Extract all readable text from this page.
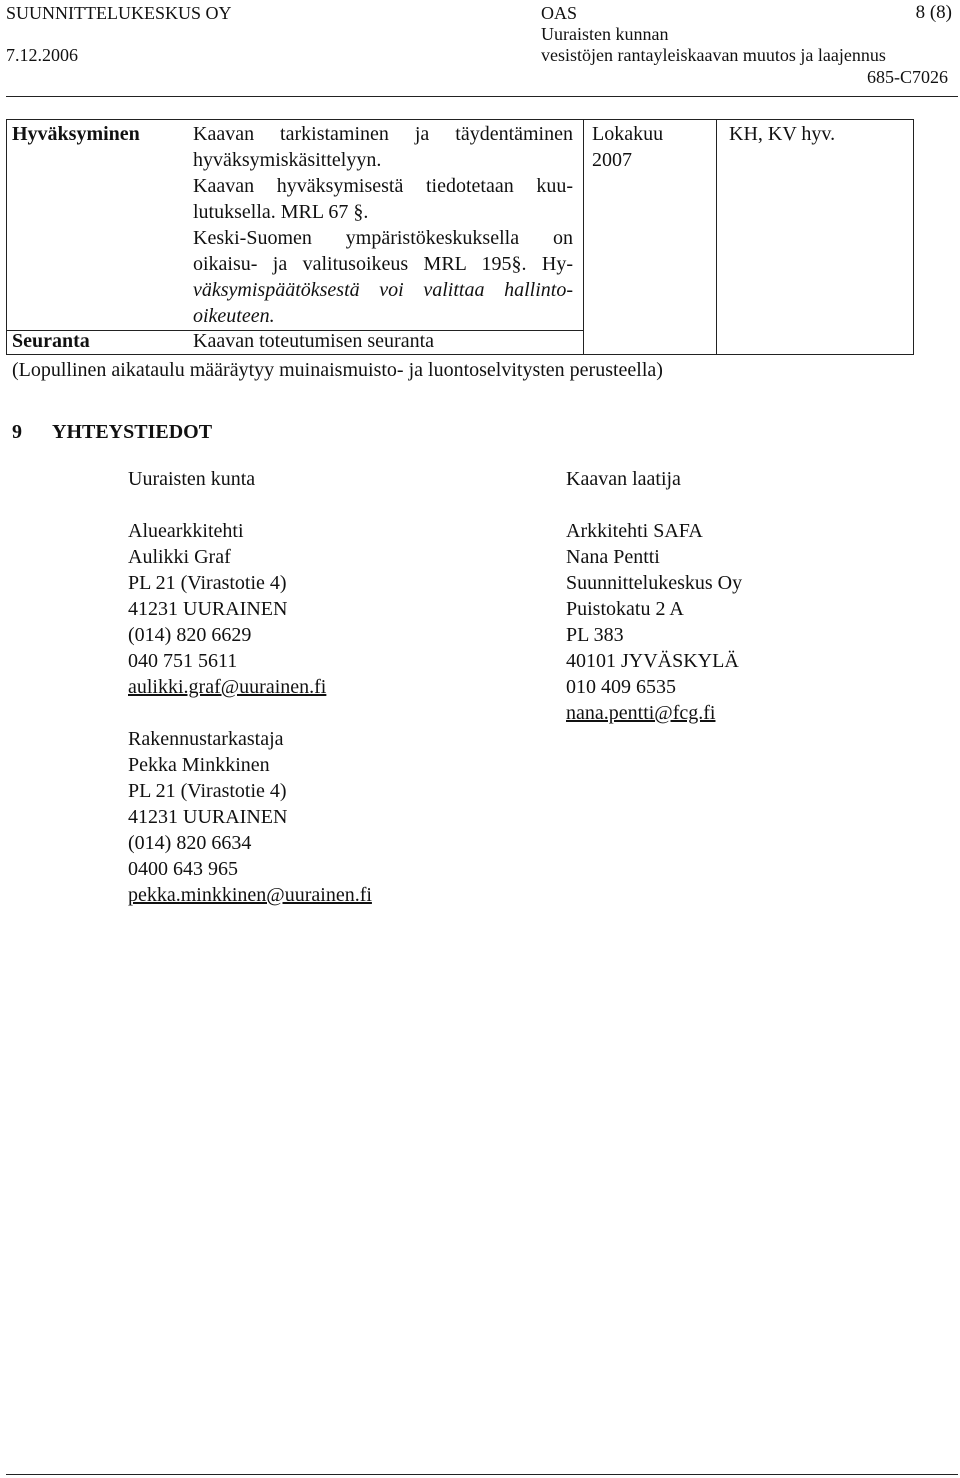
SUUNNITTELUKESKUS OY
7.12.2006
OAS
Uuraisten kunnan
vesistöjen rantayleiskaavan muutos ja laajennus
8 (8)
685-C7026
Hyväksyminen	Kaavan tarkistaminen ja täydentäminen
hyväksymiskäsittelyyn.
Kaavan hyväksymisestä tiedotetaan kuu-
lutuksella. MRL 67 §.
Keski-Suomen ympäristökeskuksella on
oikaisu- ja valitusoikeus MRL 195§. Hy-
väksymispäätöksestä voi valittaa hallinto-
oikeuteen.
Lokakuu
2007
KH, KV hyv.
Seuranta	Kaavan toteutumisen seuranta
(Lopullinen aikataulu määräytyy muinaismuisto- ja luontoselvitysten perusteella)
9 YHTEYSTIEDOT
Uuraisten kunta
Aluearkkitehti
Aulikki Graf
PL 21 (Virastotie 4)
41231 UURAINEN
(014) 820 6629
040 751 5611
aulikki.graf@uurainen.fi
Rakennustarkastaja
Pekka Minkkinen
PL 21 (Virastotie 4)
41231 UURAINEN
(014) 820 6634
0400 643 965
pekka.minkkinen@uurainen.fi
Kaavan laatija
Arkkitehti SAFA
Nana Pentti
Suunnittelukeskus Oy
Puistokatu 2 A
PL 383
40101 JYVÄSKYLÄ
010 409 6535
nana.pentti@fcg.fi
